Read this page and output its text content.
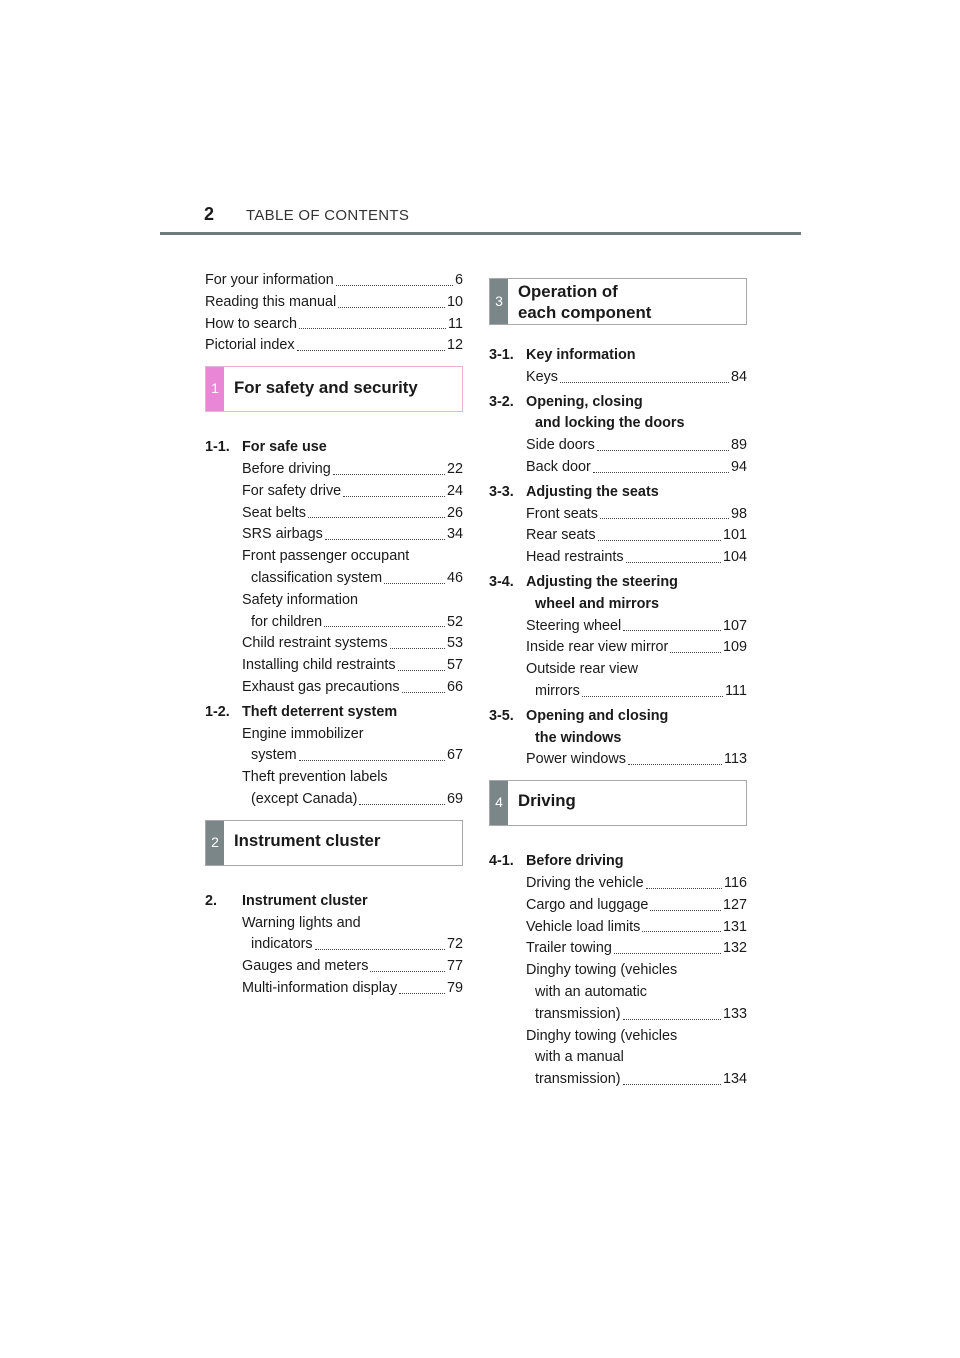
2 TABLE OF CONTENTS
For your information	6
Reading this manual	10
How to search	11
Pictorial index	12
1 For safety and security
1-1. For safe use
Before driving	22
For safety drive	24
Seat belts	26
SRS airbags	34
Front passenger occupant
classification system	46
Safety information
for children	52
Child restraint systems	53
Installing child restraints	57
Exhaust gas precautions	66
1-2. Theft deterrent system
Engine immobilizer
system	67
Theft prevention labels
(except Canada)	69
2 Instrument cluster
2.	Instrument cluster
Warning lights and
indicators	72
Gauges and meters	77
Multi-information display	79
3 Operation of
each component
3-1. Key information
Keys	84
3-2. Opening, closing
and locking the doors
Side doors	89
Back door	94
3-3. Adjusting the seats
Front seats	98
Rear seats	101
Head restraints	104
3-4. Adjusting the steering
wheel and mirrors
Steering wheel	107
Inside rear view mirror	109
Outside rear view
mirrors	111
3-5. Opening and closing
the windows
Power windows	113
4 Driving
4-1. Before driving
Driving the vehicle	116
Cargo and luggage	127
Vehicle load limits	131
Trailer towing	132
Dinghy towing (vehicles
with an automatic
transmission)	133
Dinghy towing (vehicles
with a manual
transmission)	134
